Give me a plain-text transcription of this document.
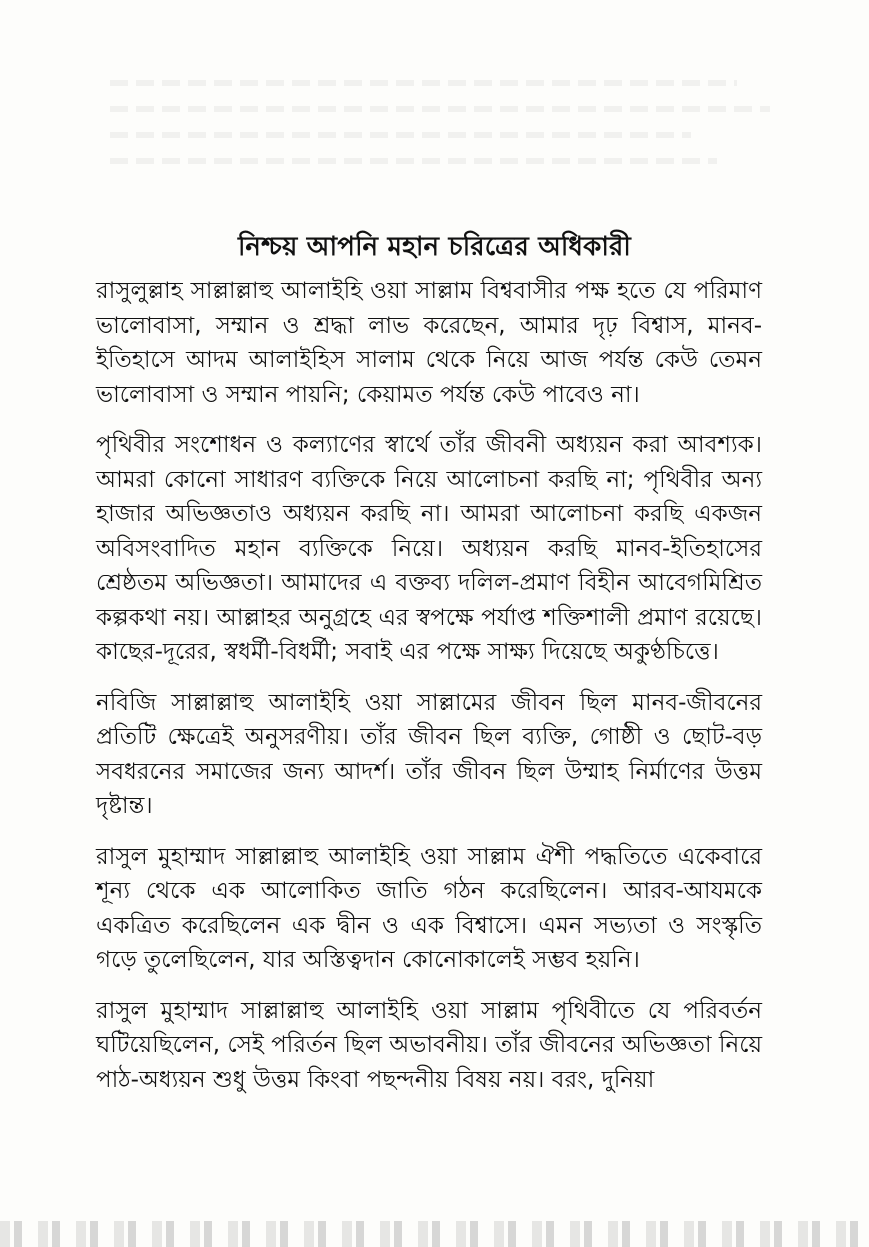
নিশ্চয় আপনি মহান চরিত্রের অধিকারী

রাসুলুল্লাহ সাল্লাল্লাহু আলাইহি ওয়া সাল্লাম বিশ্ববাসীর পক্ষ হতে যে পরিমাণ ভালোবাসা, সম্মান ও শ্রদ্ধা লাভ করেছেন, আমার দৃঢ় বিশ্বাস, মানব-ইতিহাসে আদম আলাইহিস সালাম থেকে নিয়ে আজ পর্যন্ত কেউ তেমন ভালোবাসা ও সম্মান পায়নি; কেয়ামত পর্যন্ত কেউ পাবেও না।

পৃথিবীর সংশোধন ও কল্যাণের স্বার্থে তাঁর জীবনী অধ্যয়ন করা আবশ্যক। আমরা কোনো সাধারণ ব্যক্তিকে নিয়ে আলোচনা করছি না; পৃথিবীর অন্য হাজার অভিজ্ঞতাও অধ্যয়ন করছি না। আমরা আলোচনা করছি একজন অবিসংবাদিত মহান ব্যক্তিকে নিয়ে। অধ্যয়ন করছি মানব-ইতিহাসের শ্রেষ্ঠতম অভিজ্ঞতা। আমাদের এ বক্তব্য দলিল-প্রমাণ বিহীন আবেগমিশ্রিত কল্পকথা নয়। আল্লাহর অনুগ্রহে এর স্বপক্ষে পর্যাপ্ত শক্তিশালী প্রমাণ রয়েছে। কাছের-দূরের, স্বধর্মী-বিধর্মী; সবাই এর পক্ষে সাক্ষ্য দিয়েছে অকুণ্ঠচিত্তে।

নবিজি সাল্লাল্লাহু আলাইহি ওয়া সাল্লামের জীবন ছিল মানব-জীবনের প্রতিটি ক্ষেত্রেই অনুসরণীয়। তাঁর জীবন ছিল ব্যক্তি, গোষ্ঠী ও ছোট-বড় সবধরনের সমাজের জন্য আদর্শ। তাঁর জীবন ছিল উম্মাহ নির্মাণের উত্তম দৃষ্টান্ত।

রাসুল মুহাম্মাদ সাল্লাল্লাহু আলাইহি ওয়া সাল্লাম ঐশী পদ্ধতিতে একেবারে শূন্য থেকে এক আলোকিত জাতি গঠন করেছিলেন। আরব-আযমকে একত্রিত করেছিলেন এক দ্বীন ও এক বিশ্বাসে। এমন সভ্যতা ও সংস্কৃতি গড়ে তুলেছিলেন, যার অস্তিত্বদান কোনোকালেই সম্ভব হয়নি।

রাসুল মুহাম্মাদ সাল্লাল্লাহু আলাইহি ওয়া সাল্লাম পৃথিবীতে যে পরিবর্তন ঘটিয়েছিলেন, সেই পরির্তন ছিল অভাবনীয়। তাঁর জীবনের অভিজ্ঞতা নিয়ে পাঠ-অধ্যয়ন শুধু উত্তম কিংবা পছন্দনীয় বিষয় নয়। বরং, দুনিয়া
